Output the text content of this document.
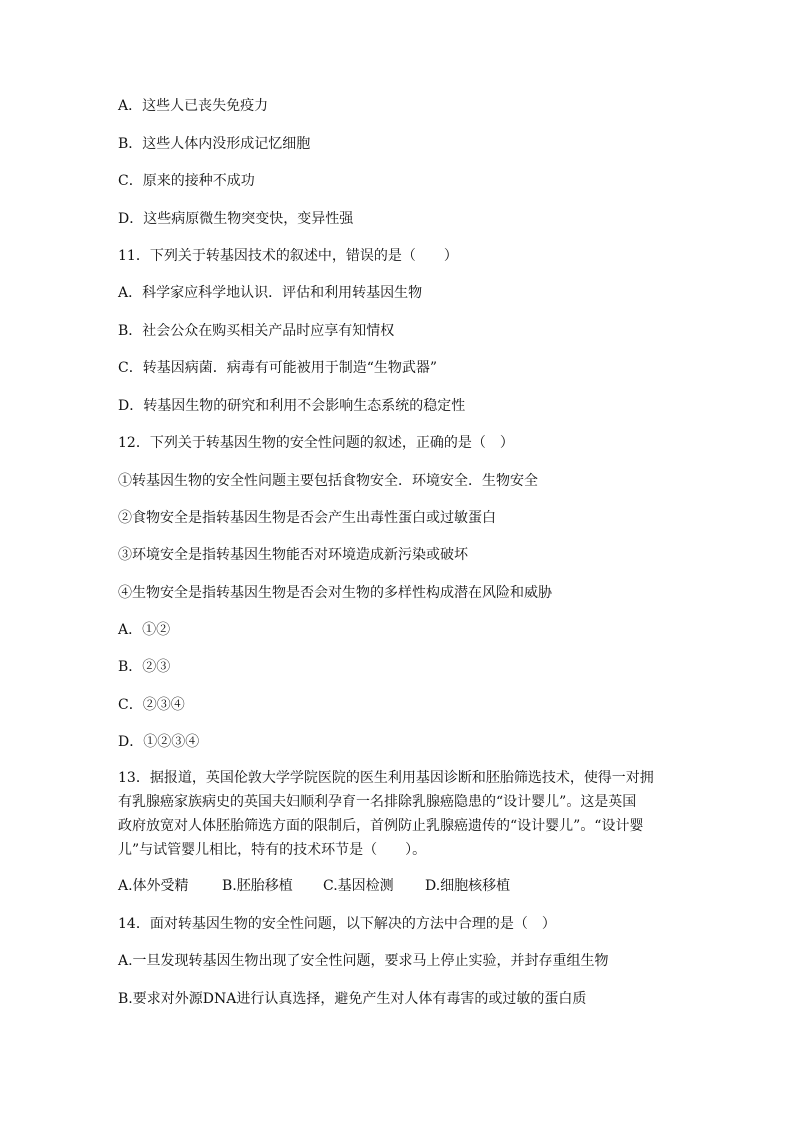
A．这些人已丧失免疫力
B．这些人体内没形成记忆细胞
C．原来的接种不成功
D．这些病原微生物突变快，变异性强
11．下列关于转基因技术的叙述中，错误的是（　　）
A．科学家应科学地认识．评估和利用转基因生物
B．社会公众在购买相关产品时应享有知情权
C．转基因病菌．病毒有可能被用于制造“生物武器”
D．转基因生物的研究和利用不会影响生态系统的稳定性
12．下列关于转基因生物的安全性问题的叙述，正确的是（　）
①转基因生物的安全性问题主要包括食物安全．环境安全．生物安全
②食物安全是指转基因生物是否会产生出毒性蛋白或过敏蛋白
③环境安全是指转基因生物能否对环境造成新污染或破坏
④生物安全是指转基因生物是否会对生物的多样性构成潜在风险和威胁
A．①②
B．②③
C．②③④
D．①②③④
13．据报道，英国伦敦大学学院医院的医生利用基因诊断和胚胎筛选技术，使得一对拥
有乳腺癌家族病史的英国夫妇顺利孕育一名排除乳腺癌隐患的“设计婴儿”。这是英国
政府放宽对人体胚胎筛选方面的限制后，首例防止乳腺癌遗传的“设计婴儿”。“设计婴
儿”与试管婴儿相比，特有的技术环节是（　　）。
A.体外受精 B.胚胎移植 C.基因检测 D.细胞核移植
14．面对转基因生物的安全性问题，以下解决的方法中合理的是（　）
A.一旦发现转基因生物出现了安全性问题，要求马上停止实验，并封存重组生物
B.要求对外源DNA进行认真选择，避免产生对人体有毒害的或过敏的蛋白质
